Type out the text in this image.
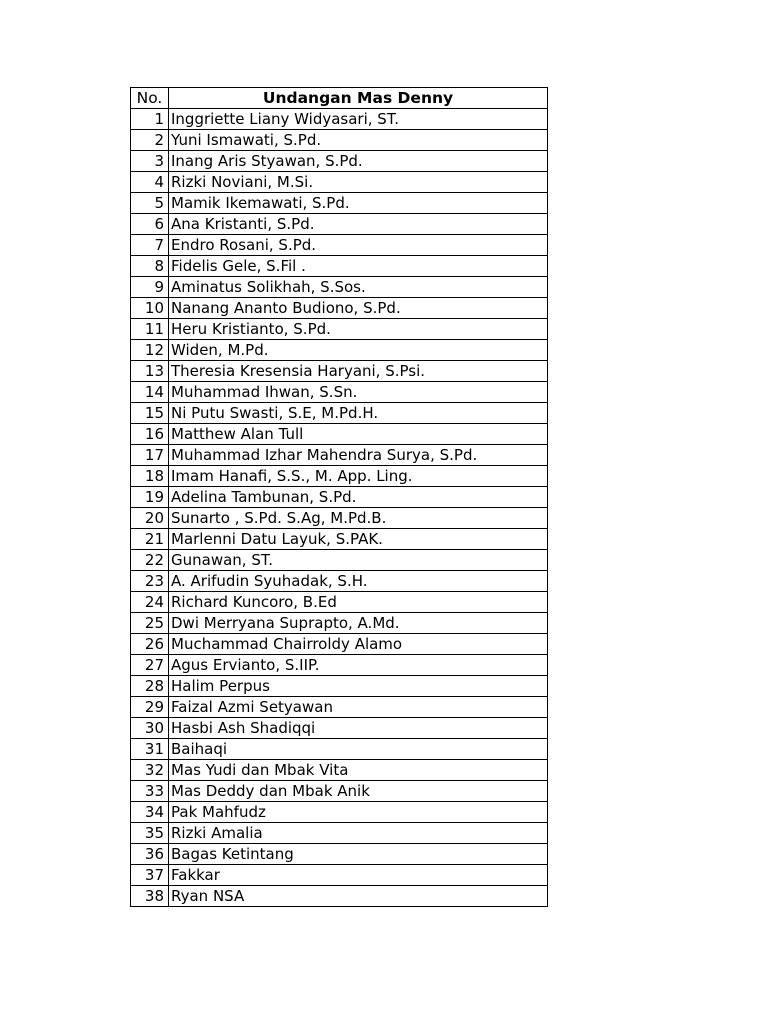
No.	Undangan Mas Denny
1	Inggriette Liany Widyasari, ST.
2	Yuni Ismawati, S.Pd.
3	Inang Aris Styawan, S.Pd.
4	Rizki Noviani, M.Si.
5	Mamik Ikemawati, S.Pd.
6	Ana Kristanti, S.Pd.
7	Endro Rosani, S.Pd.
8	Fidelis Gele, S.Fil .
9	Aminatus Solikhah, S.Sos.
10	Nanang Ananto Budiono, S.Pd.
11	Heru Kristianto, S.Pd.
12	Widen, M.Pd.
13	Theresia Kresensia Haryani, S.Psi.
14	Muhammad Ihwan, S.Sn.
15	Ni Putu Swasti, S.E, M.Pd.H.
16	Matthew Alan Tull
17	Muhammad Izhar Mahendra Surya, S.Pd.
18	Imam Hanafi, S.S., M. App. Ling.
19	Adelina Tambunan, S.Pd.
20	Sunarto , S.Pd. S.Ag, M.Pd.B.
21	Marlenni Datu Layuk, S.PAK.
22	Gunawan, ST.
23	A. Arifudin Syuhadak, S.H.
24	Richard Kuncoro, B.Ed
25	Dwi Merryana Suprapto, A.Md.
26	Muchammad Chairroldy Alamo
27	Agus Ervianto, S.IIP.
28	Halim Perpus
29	Faizal Azmi Setyawan
30	Hasbi Ash Shadiqqi
31	Baihaqi
32	Mas Yudi dan Mbak Vita
33	Mas Deddy dan Mbak Anik
34	Pak Mahfudz
35	Rizki Amalia
36	Bagas Ketintang
37	Fakkar
38	Ryan NSA
